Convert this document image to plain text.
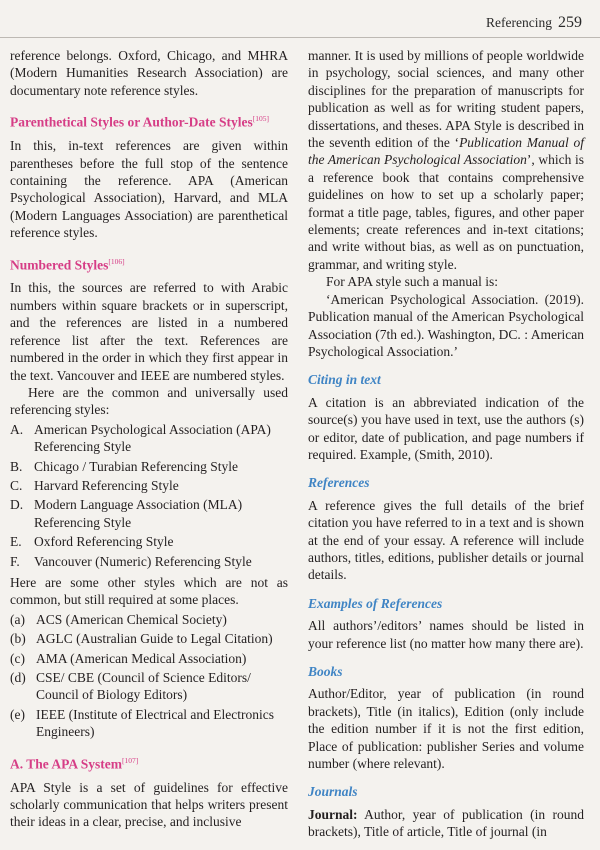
Referencing 259

reference belongs. Oxford, Chicago, and MHRA (Modern Humanities Research Association) are documentary note reference styles.

Parenthetical Styles or Author-Date Styles[105]

In this, in-text references are given within parentheses before the full stop of the sentence containing the reference. APA (American Psychological Association), Harvard, and MLA (Modern Languages Association) are parenthetical reference styles.

Numbered Styles[106]

In this, the sources are referred to with Arabic numbers within square brackets or in superscript, and the references are listed in a numbered reference list after the text. References are numbered in the order in which they first appear in the text. Vancouver and IEEE are numbered styles.

Here are the common and universally used referencing styles:

A. American Psychological Association (APA) Referencing Style
B. Chicago / Turabian Referencing Style
C. Harvard Referencing Style
D. Modern Language Association (MLA) Referencing Style
E. Oxford Referencing Style
F.	Vancouver (Numeric) Referencing Style

Here are some other styles which are not as common, but still required at some places.

(a) ACS (American Chemical Society)
(b) AGLC (Australian Guide to Legal Citation)
(c) AMA (American Medical Association)
(d) CSE/ CBE (Council of Science Editors/ Council of Biology Editors)
(e) IEEE (Institute of Electrical and Electronics Engineers)
A. The APA System[107]

APA Style is a set of guidelines for effective scholarly communication that helps writers present their ideas in a clear, precise, and inclusive

manner. It is used by millions of people worldwide in psychology, social sciences, and many other disciplines for the preparation of manuscripts for publication as well as for writing student papers, dissertations, and theses. APA Style is described in the seventh edition of the ‘Publication Manual of the American Psychological Association’, which is a reference book that contains comprehensive guidelines on how to set up a scholarly paper; format a title page, tables, figures, and other paper elements; create references and in-text citations; and write without bias, as well as on punctuation, grammar, and writing style.

For APA style such a manual is:

‘American Psychological Association. (2019). Publication manual of the American Psychological Association (7th ed.). Washington, DC. : American Psychological Association.’

Citing in text

A citation is an abbreviated indication of the source(s) you have used in text, use the authors (s) or editor, date of publication, and page numbers if required. Example, (Smith, 2010).

References

A reference gives the full details of the brief citation you have referred to in a text and is shown at the end of your essay. A reference will include authors, titles, editions, publisher details or journal details.

Examples of References

All authors’/editors’ names should be listed in your reference list (no matter how many there are).

Books

Author/Editor, year of publication (in round brackets), Title (in italics), Edition (only include the edition number if it is not the first edition, Place of publication: publisher Series and volume number (where relevant).

Journals

Journal: Author, year of publication (in round brackets), Title of article, Title of journal (in
